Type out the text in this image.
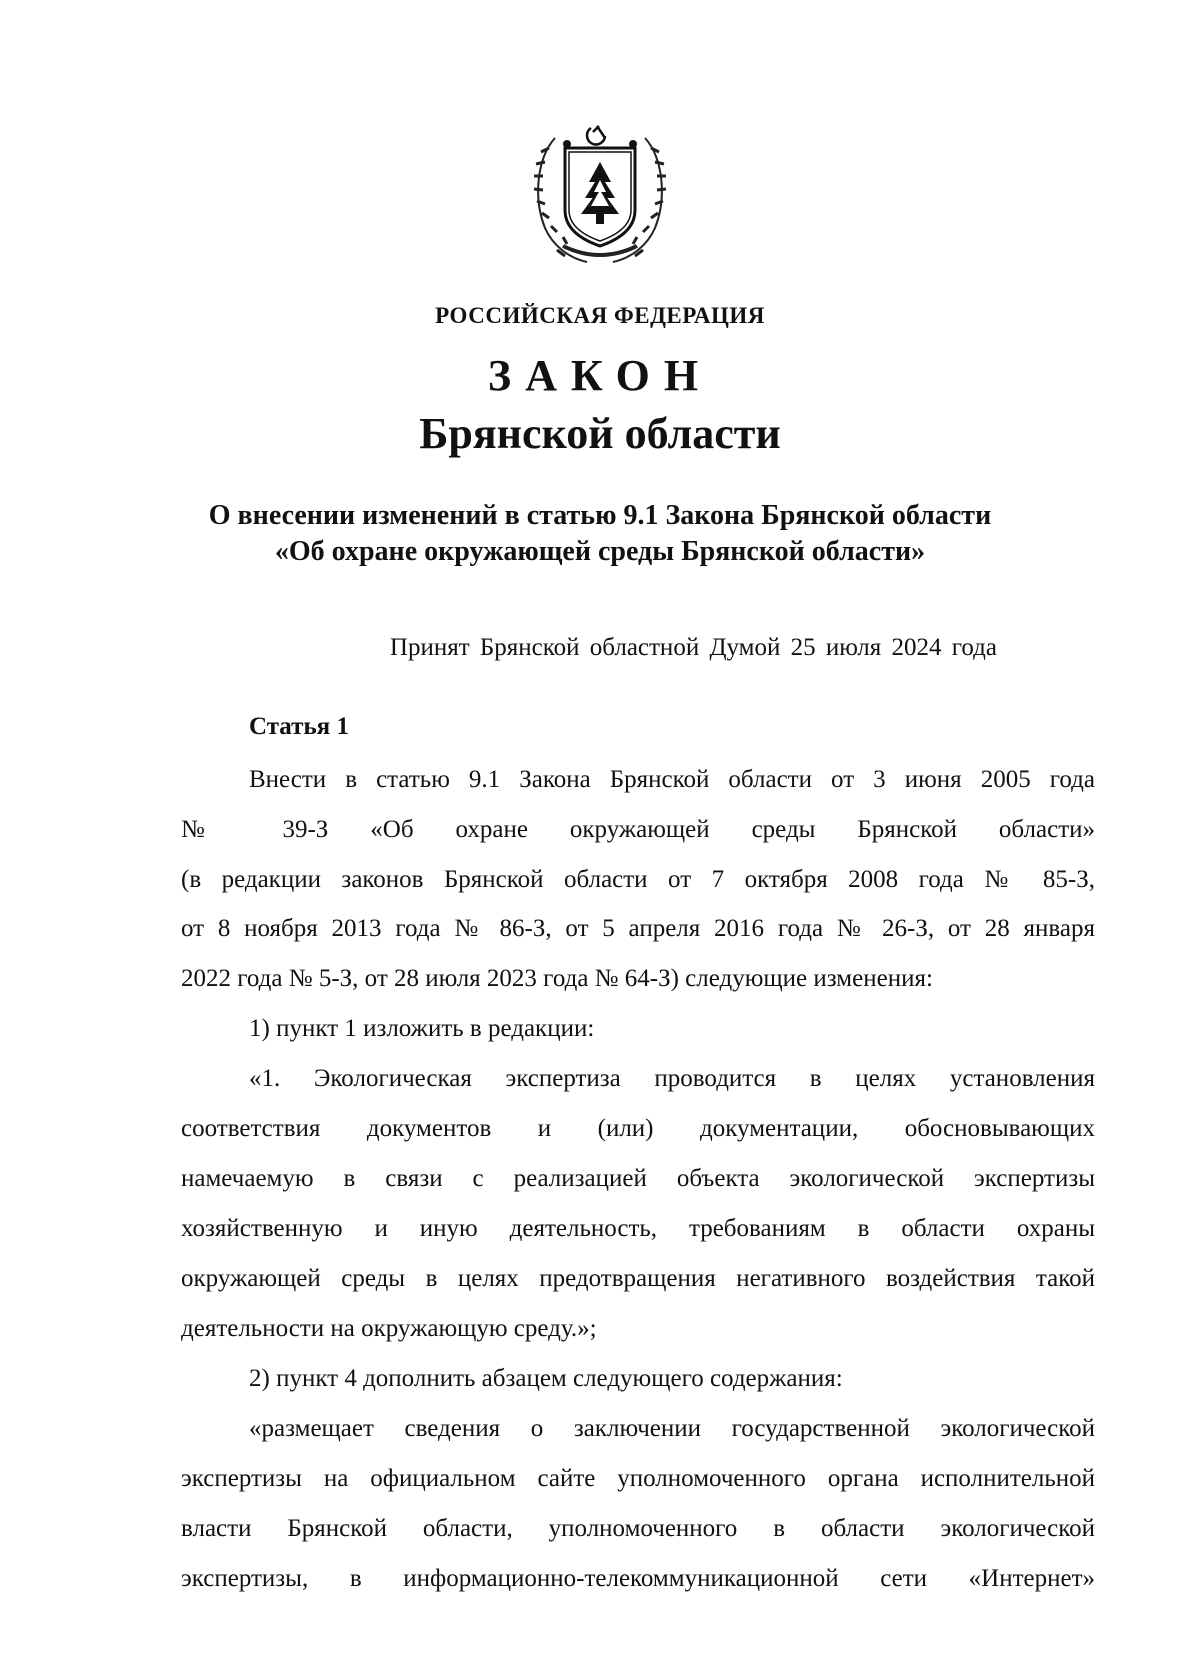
РОССИЙСКАЯ ФЕДЕРАЦИЯ
ЗАКОН
Брянской области
О внесении изменений в статью 9.1 Закона Брянской области
«Об охране окружающей среды Брянской области»
Принят Брянской областной Думой 25 июля 2024 года
Статья 1
Внести в статью 9.1 Закона Брянской области от 3 июня 2005 года
№ 39-З «Об охране окружающей среды Брянской области»
(в редакции законов Брянской области от 7 октября 2008 года № 85-З,
от 8 ноября 2013 года № 86-З, от 5 апреля 2016 года № 26-З, от 28 января
2022 года № 5-З, от 28 июля 2023 года № 64-З) следующие изменения:
1) пункт 1 изложить в редакции:
«1. Экологическая экспертиза проводится в целях установления
соответствия документов и (или) документации, обосновывающих
намечаемую в связи с реализацией объекта экологической экспертизы
хозяйственную и иную деятельность, требованиям в области охраны
окружающей среды в целях предотвращения негативного воздействия такой
деятельности на окружающую среду.»;
2) пункт 4 дополнить абзацем следующего содержания:
«размещает сведения о заключении государственной экологической
экспертизы на официальном сайте уполномоченного органа исполнительной
власти Брянской области, уполномоченного в области экологической
экспертизы, в информационно-телекоммуникационной сети «Интернет»
